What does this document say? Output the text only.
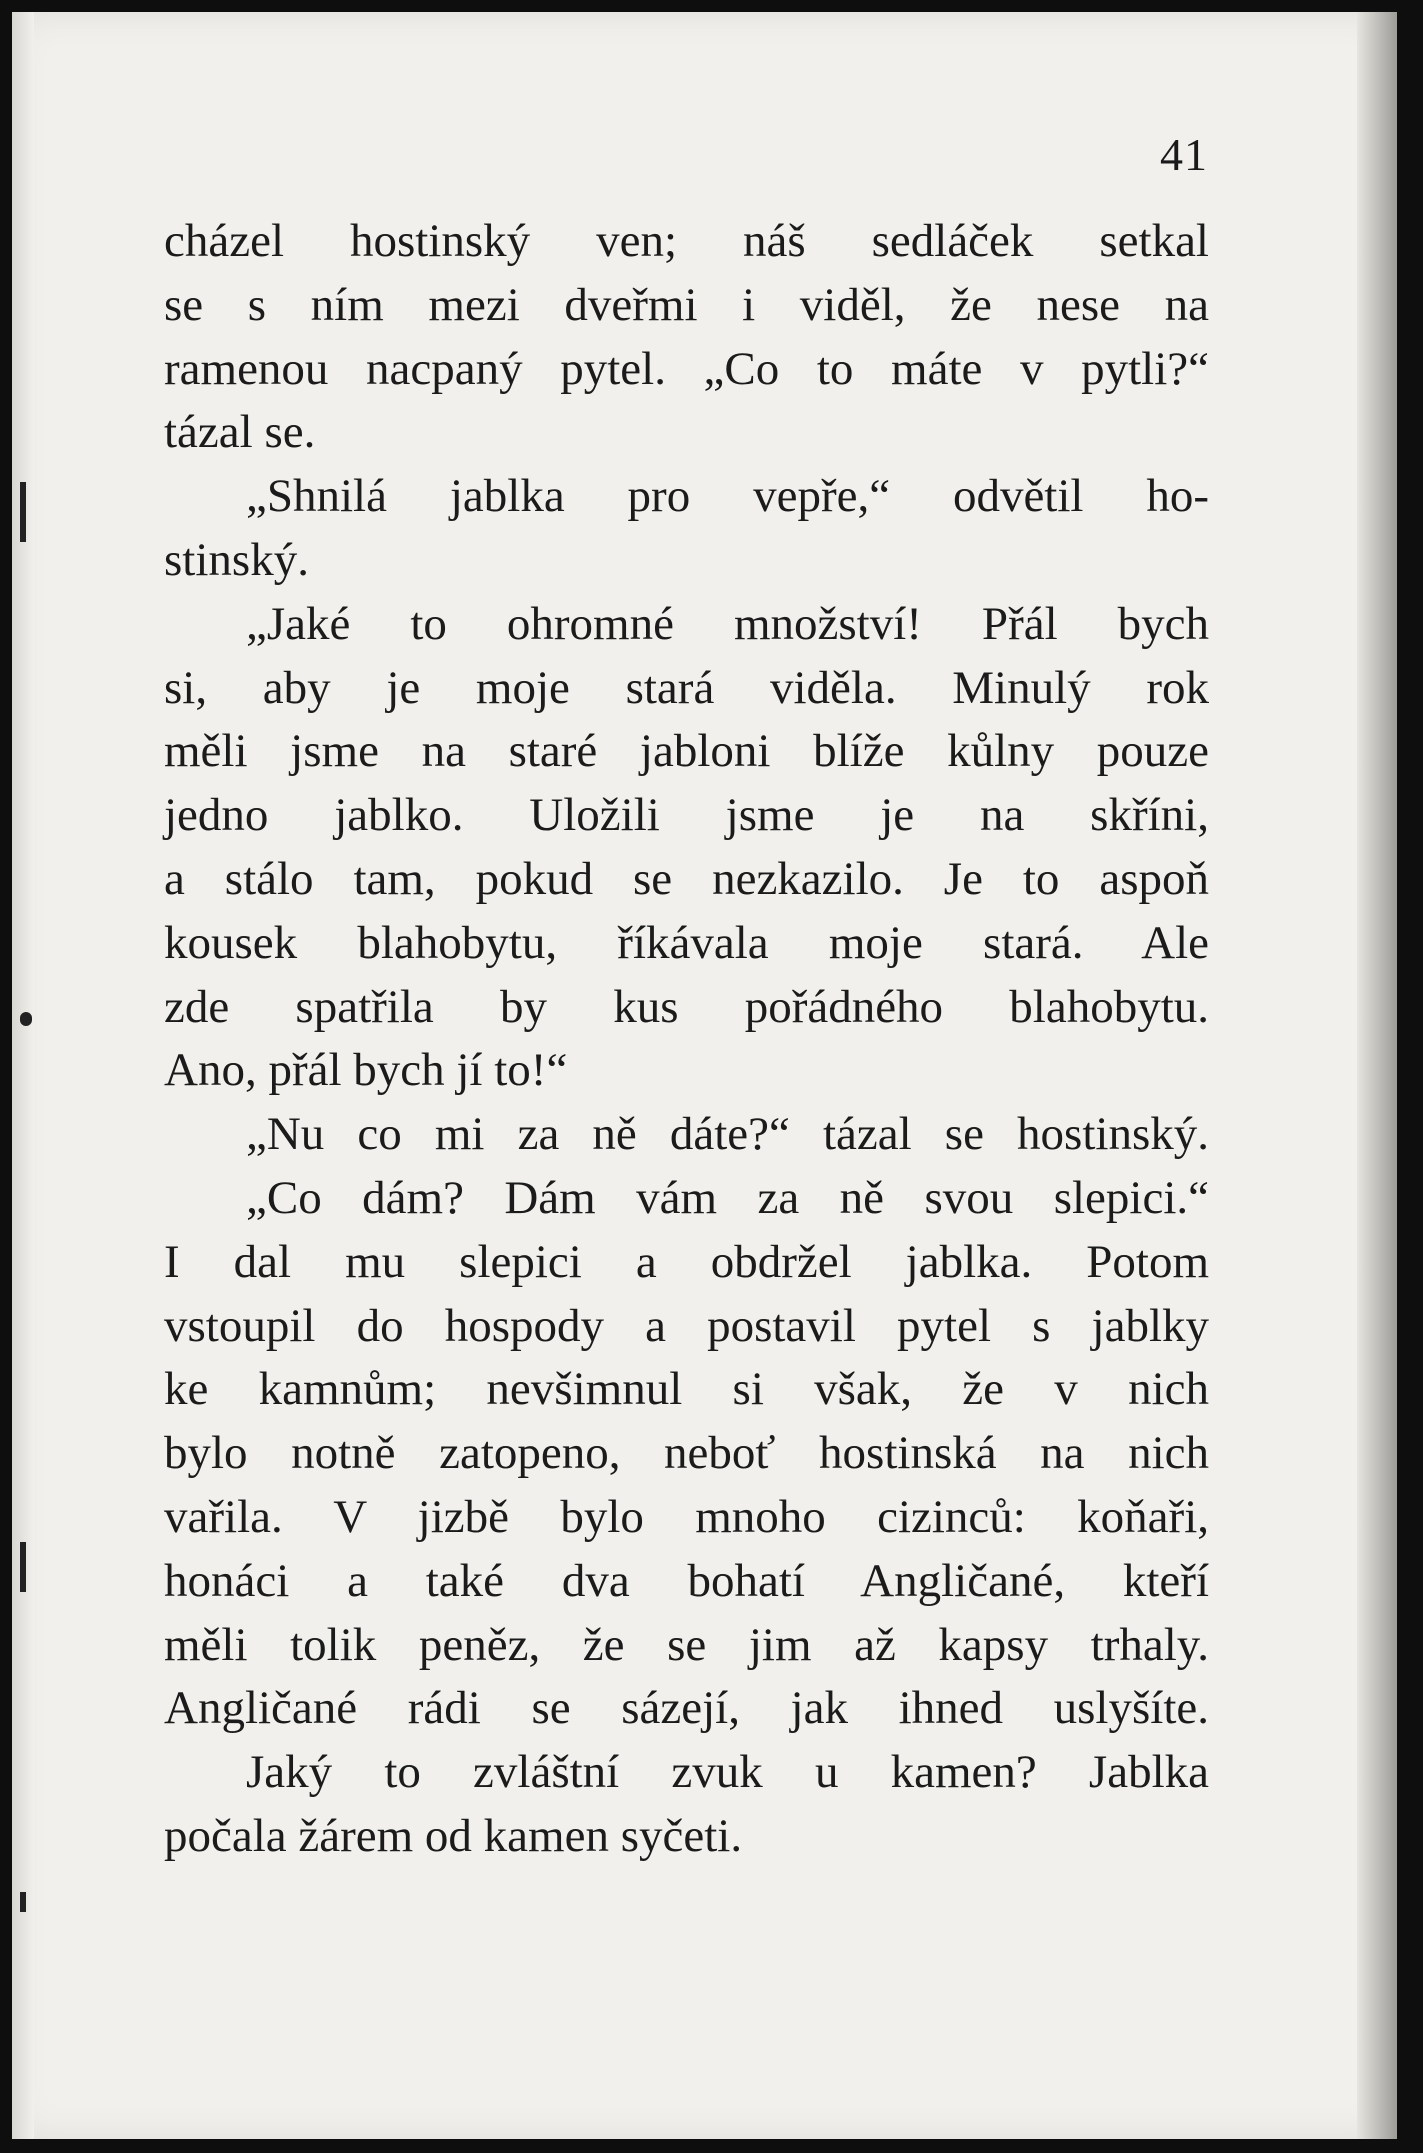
41
cházel hostinský ven; náš sedláček setkal
se s ním mezi dveřmi i viděl, že nese na
ramenou nacpaný pytel. „Co to máte v pytli?“
tázal se.
„Shnilá jablka pro vepře,“ odvětil ho-
stinský.
„Jaké to ohromné množství! Přál bych
si, aby je moje stará viděla. Minulý rok
měli jsme na staré jabloni blíže kůlny pouze
jedno jablko. Uložili jsme je na skříni,
a stálo tam, pokud se nezkazilo. Je to aspoň
kousek blahobytu, říkávala moje stará. Ale
zde spatřila by kus pořádného blahobytu.
Ano, přál bych jí to!“
„Nu co mi za ně dáte?“ tázal se hostinský.
„Co dám? Dám vám za ně svou slepici.“
I dal mu slepici a obdržel jablka. Potom
vstoupil do hospody a postavil pytel s jablky
ke kamnům; nevšimnul si však, že v nich
bylo notně zatopeno, neboť hostinská na nich
vařila. V jizbě bylo mnoho cizinců: koňaři,
honáci a také dva bohatí Angličané, kteří
měli tolik peněz, že se jim až kapsy trhaly.
Angličané rádi se sázejí, jak ihned uslyšíte.
Jaký to zvláštní zvuk u kamen? Jablka
počala žárem od kamen syčeti.
